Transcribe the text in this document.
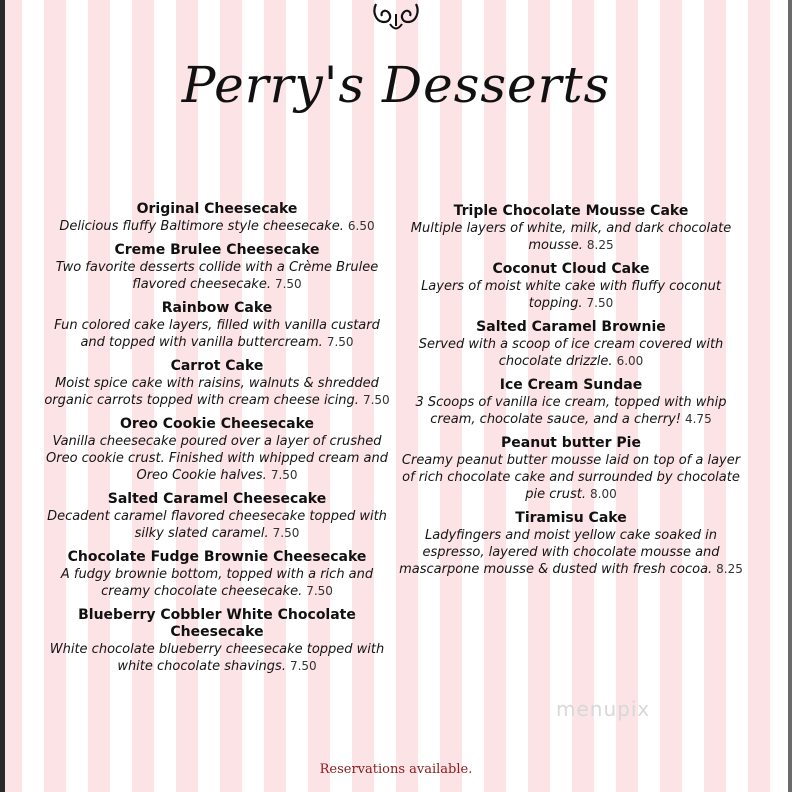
Perry's Desserts
Original Cheesecake
Delicious fluffy Baltimore style cheesecake. 6.50
Creme Brulee Cheesecake
Two favorite desserts collide with a Crème Brulee flavored cheesecake. 7.50
Rainbow Cake
Fun colored cake layers, filled with vanilla custard and topped with vanilla buttercream. 7.50
Carrot Cake
Moist spice cake with raisins, walnuts & shredded organic carrots topped with cream cheese icing. 7.50
Oreo Cookie Cheesecake
Vanilla cheesecake poured over a layer of crushed Oreo cookie crust. Finished with whipped cream and Oreo Cookie halves. 7.50
Salted Caramel Cheesecake
Decadent caramel flavored cheesecake topped with silky slated caramel. 7.50
Chocolate Fudge Brownie Cheesecake
A fudgy brownie bottom, topped with a rich and creamy chocolate cheesecake. 7.50
Blueberry Cobbler White Chocolate Cheesecake
White chocolate blueberry cheesecake topped with white chocolate shavings. 7.50
Triple Chocolate Mousse Cake
Multiple layers of white, milk, and dark chocolate mousse. 8.25
Coconut Cloud Cake
Layers of moist white cake with fluffy coconut topping. 7.50
Salted Caramel Brownie
Served with a scoop of ice cream covered with chocolate drizzle. 6.00
Ice Cream Sundae
3 Scoops of vanilla ice cream, topped with whip cream, chocolate sauce, and a cherry! 4.75
Peanut butter Pie
Creamy peanut butter mousse laid on top of a layer of rich chocolate cake and surrounded by chocolate pie crust. 8.00
Tiramisu Cake
Ladyfingers and moist yellow cake soaked in espresso, layered with chocolate mousse and mascarpone mousse & dusted with fresh cocoa. 8.25
menupix
Reservations available.
